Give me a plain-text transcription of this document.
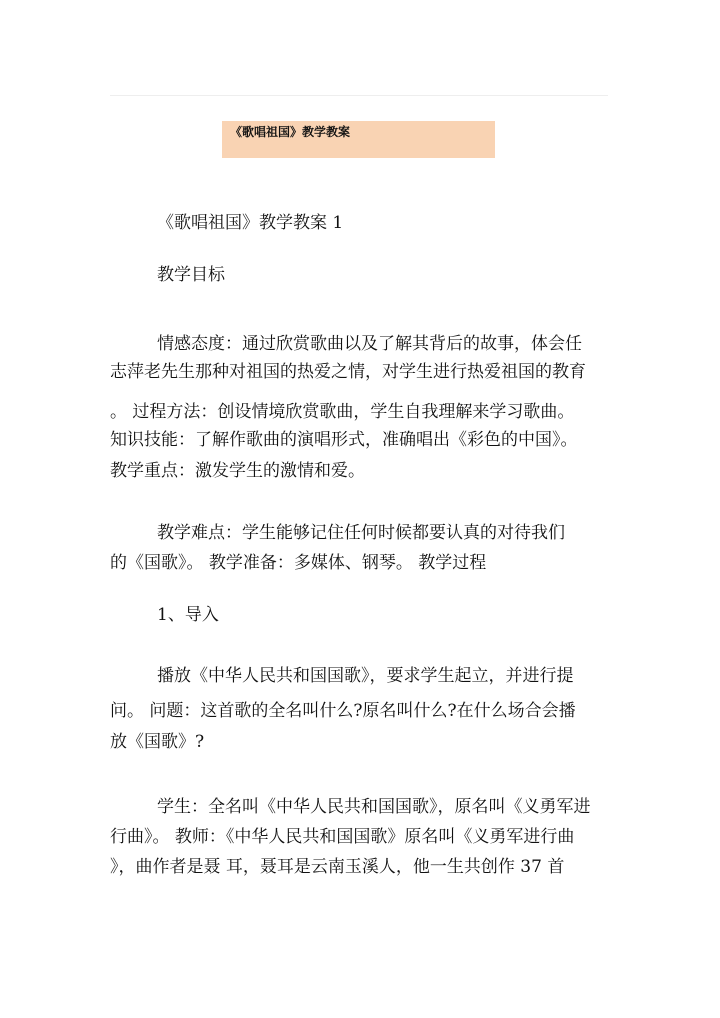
《歌唱祖国》教学教案
《歌唱祖国》教学教案 1
教学目标
情感态度：通过欣赏歌曲以及了解其背后的故事，体会任
志萍老先生那种对祖国的热爱之情，对学生进行热爱祖国的教育
。 过程方法：创设情境欣赏歌曲，学生自我理解来学习歌曲。
知识技能：了解作歌曲的演唱形式，准确唱出《彩色的中国》。
教学重点：激发学生的激情和爱。
教学难点：学生能够记住任何时候都要认真的对待我们
的《国歌》。 教学准备：多媒体、钢琴。 教学过程
1、导入
播放《中华人民共和国国歌》，要求学生起立，并进行提
问。 问题：这首歌的全名叫什么?原名叫什么?在什么场合会播
放《国歌》?
学生：全名叫《中华人民共和国国歌》，原名叫《义勇军进
行曲》。 教师：《中华人民共和国国歌》原名叫《义勇军进行曲
》，曲作者是聂 耳，聂耳是云南玉溪人，他一生共创作 37 首
